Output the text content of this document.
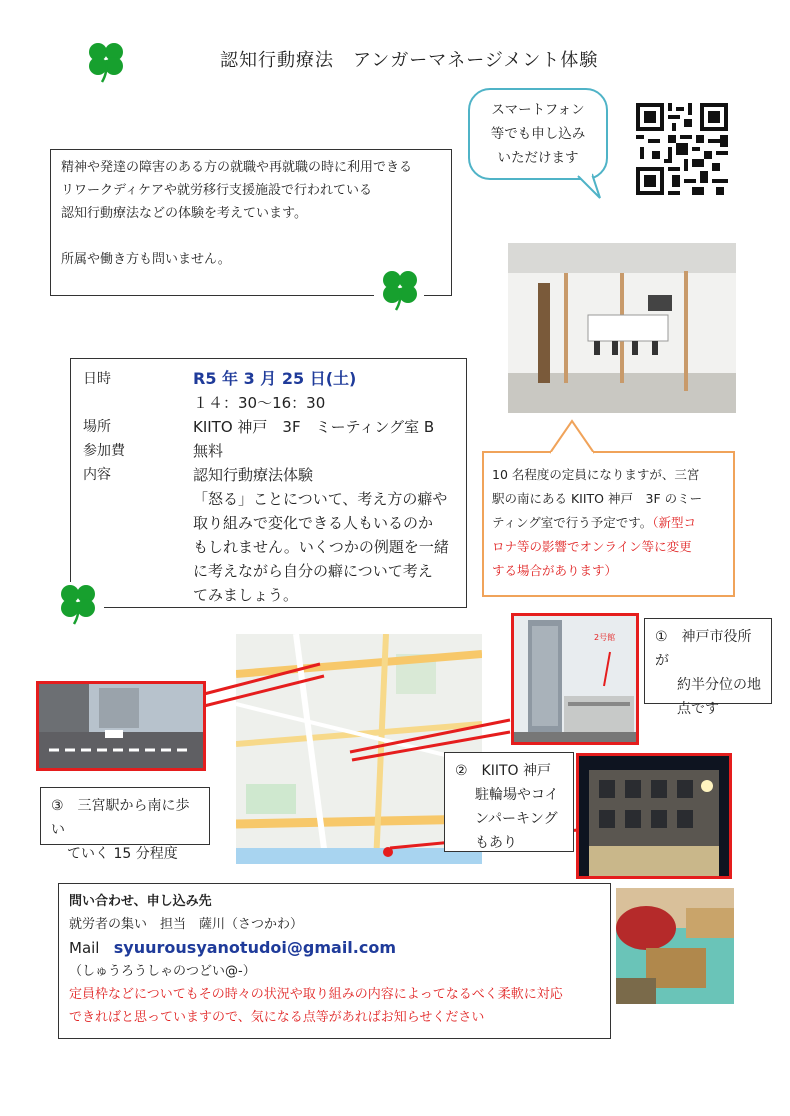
認知行動療法　アンガーマネージメント体験
スマートフォン
等でも申し込み
いただけます
精神や発達の障害のある方の就職や再就職の時に利用できる
リワークディケアや就労移行支援施設で行われている
認知行動療法などの体験を考えています。
所属や働き方も問いません。
日時	R5 年 3 月 25 日(土)
	１４：30～16：30
場所	KIITO 神戸　3F　ミーティング室 B
参加費	無料
内容	認知行動療法体験

	「怒る」ことについて、考え方の癖や
取り組みで変化できる人もいるのか
もしれません。いくつかの例題を一緒
に考えながら自分の癖について考え
てみましょう。
10 名程度の定員になりますが、三宮
駅の南にある KIITO 神戸　3F のミー
ティング室で行う予定です。（新型コ
ロナ等の影響でオンライン等に変更
する場合があります）
③　三宮駅から南に歩い
ていく 15 分程度
2号館	①　神戸市役所が
約半分位の地
点です
②　KIITO 神戸
駐輪場やコイ
ンパーキング
もあり
問い合わせ、申し込み先
就労者の集い　担当　薩川（さつかわ）
Mail syuurousyanotudoi@gmail.com
（しゅうろうしゃのつどい@-）
定員枠などについてもその時々の状況や取り組みの内容によってなるべく柔軟に対応
できればと思っていますので、気になる点等があればお知らせください
